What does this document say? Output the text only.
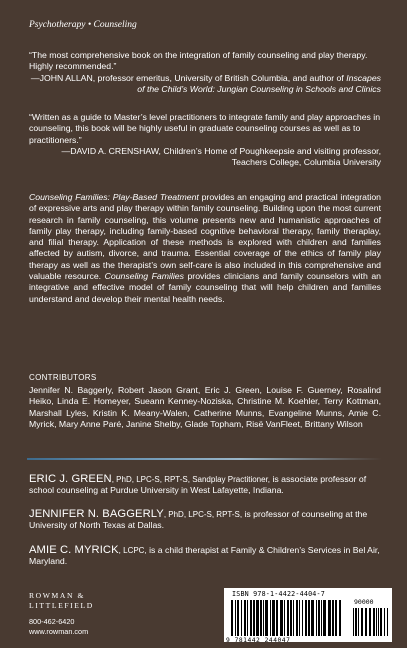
Psychotherapy • Counseling
“The most comprehensive book on the integration of family counseling and play therapy. Highly recommended.”
—JOHN ALLAN, professor emeritus, University of British Columbia, and author of Inscapes of the Child’s World: Jungian Counseling in Schools and Clinics
“Written as a guide to Master’s level practitioners to integrate family and play approaches in counseling, this book will be highly useful in graduate counseling courses as well as to practitioners.”
—DAVID A. CRENSHAW, Children’s Home of Poughkeepsie and visiting professor,
Teachers College, Columbia University
Counseling Families: Play-Based Treatment provides an engaging and practical integration of expressive arts and play therapy within family counseling. Building upon the most current research in family counseling, this volume presents new and humanistic approaches of family play therapy, including family-based cognitive behavioral therapy, family theraplay, and filial therapy. Application of these methods is explored with children and families affected by autism, divorce, and trauma. Essential coverage of the ethics of family play therapy as well as the therapist’s own self-care is also included in this comprehensive and valuable resource. Counseling Families provides clinicians and family counselors with an integrative and effective model of family counseling that will help children and families understand and develop their mental health needs.
CONTRIBUTORS
Jennifer N. Baggerly, Robert Jason Grant, Eric J. Green, Louise F. Guerney, Rosalind Heiko, Linda E. Homeyer, Sueann Kenney-Noziska, Christine M. Koehler, Terry Kottman, Marshall Lyles, Kristin K. Meany-Walen, Catherine Munns, Evangeline Munns, Amie C. Myrick, Mary Anne Paré, Janine Shelby, Glade Topham, Risë VanFleet, Brittany Wilson
ERIC J. GREEN, PhD, LPC-S, RPT-S, Sandplay Practitioner, is associate professor of school counseling at Purdue University in West Lafayette, Indiana.
JENNIFER N. BAGGERLY, PhD, LPC-S, RPT-S, is professor of counseling at the University of North Texas at Dallas.
AMIE C. MYRICK, LCPC, is a child therapist at Family & Children’s Services in Bel Air, Maryland.
ROWMAN &
LITTLEFIELD
800-462-6420
www.rowman.com
ISBN 978-1-4422-4404-7
90000
9 781442 244047
